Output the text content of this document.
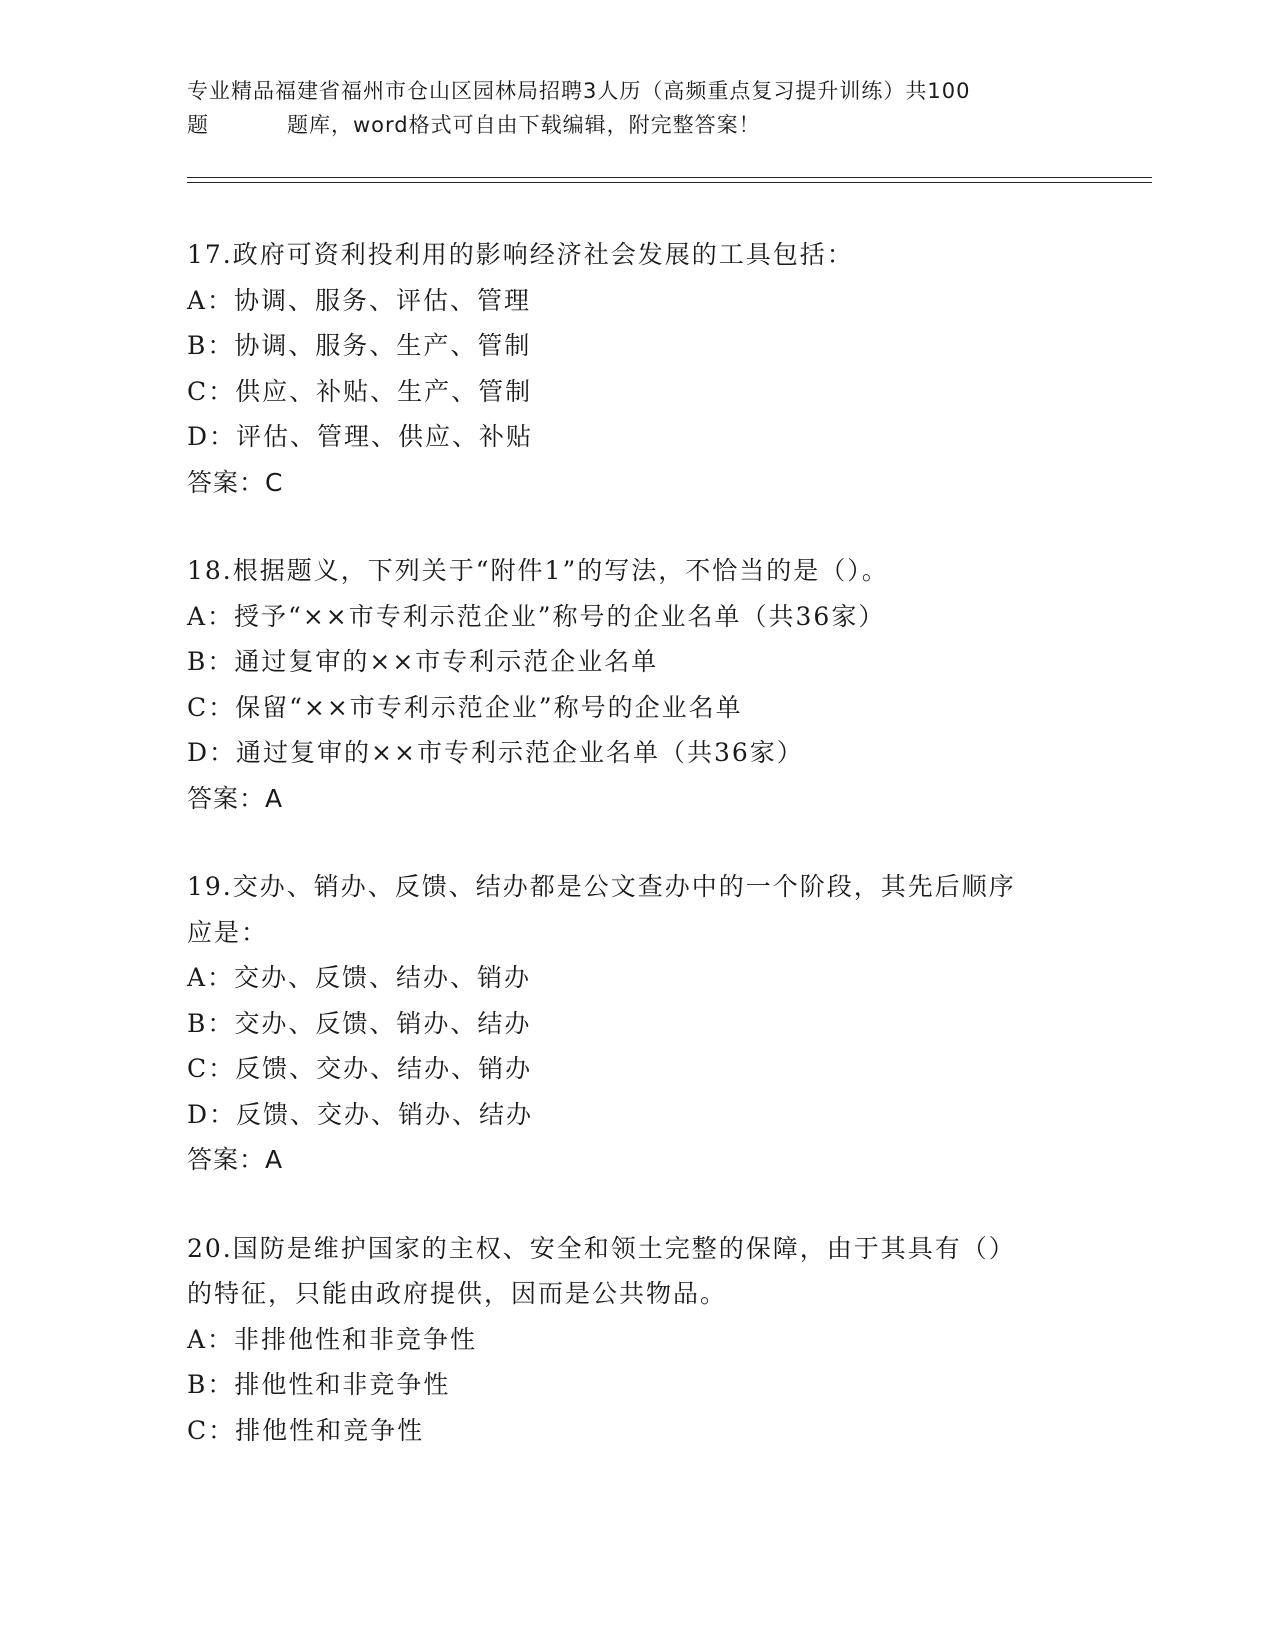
专业精品福建省福州市仓山区园林局招聘3人历（高频重点复习提升训练）共100
题	题库，word格式可自由下载编辑，附完整答案！
17.政府可资利投利用的影响经济社会发展的工具包括：
A：协调、服务、评估、管理
B：协调、服务、生产、管制
C：供应、补贴、生产、管制
D：评估、管理、供应、补贴
答案：C
18.根据题义，下列关于“附件1”的写法，不恰当的是（）。
A：授予“××市专利示范企业”称号的企业名单（共36家）
B：通过复审的××市专利示范企业名单
C：保留“××市专利示范企业”称号的企业名单
D：通过复审的××市专利示范企业名单（共36家）
答案：A
19.交办、销办、反馈、结办都是公文查办中的一个阶段，其先后顺序
应是：
A：交办、反馈、结办、销办
B：交办、反馈、销办、结办
C：反馈、交办、结办、销办
D：反馈、交办、销办、结办
答案：A
20.国防是维护国家的主权、安全和领土完整的保障，由于其具有（）
的特征，只能由政府提供，因而是公共物品。
A：非排他性和非竞争性
B：排他性和非竞争性
C：排他性和竞争性
